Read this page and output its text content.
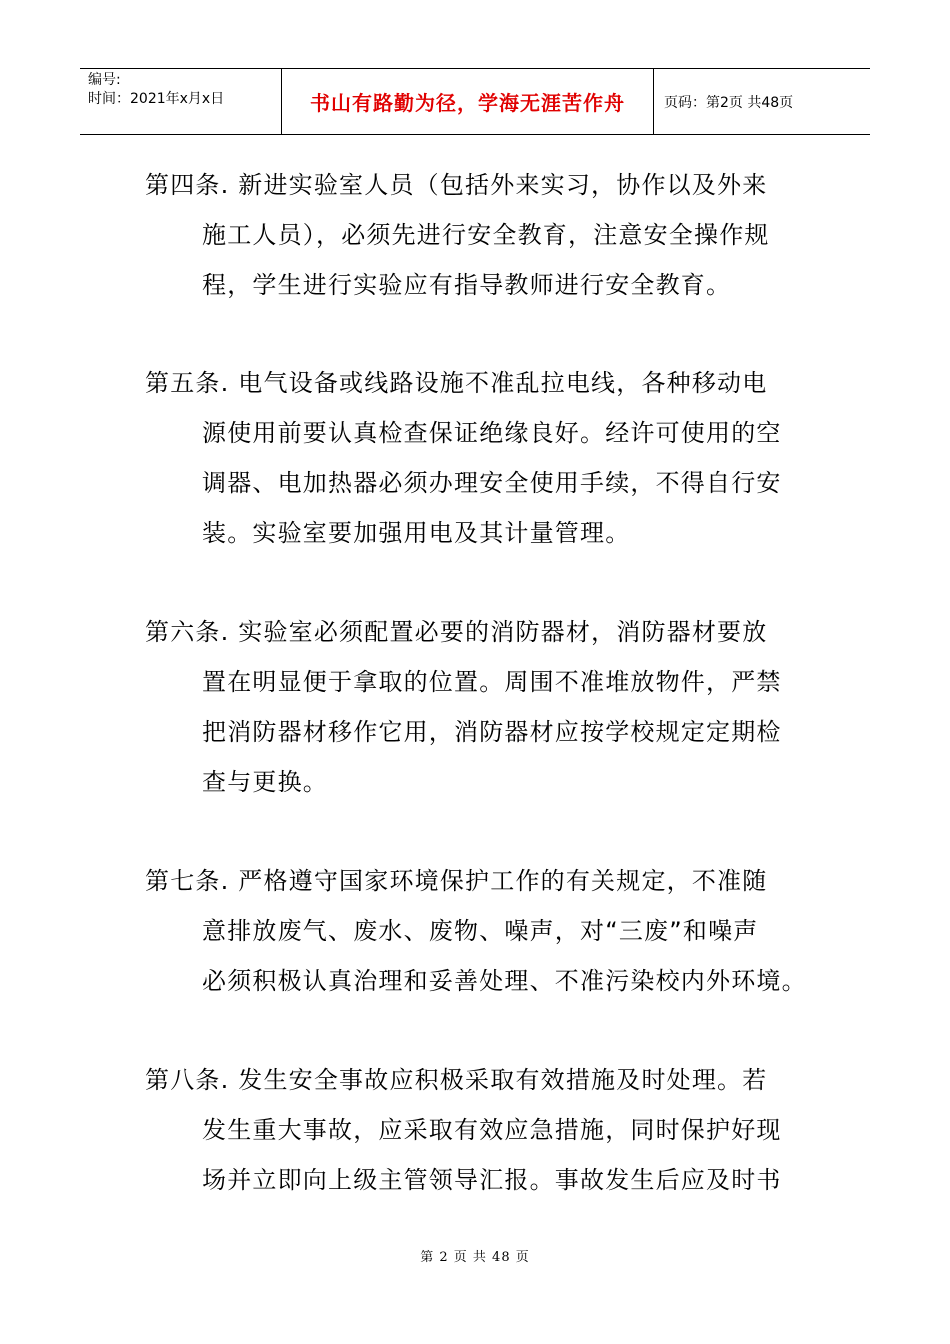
编号:
时间：2021年x月x日	书山有路勤为径，学海无涯苦作舟	页码：第2页 共48页
第四条. 新进实验室人员（包括外来实习，协作以及外来
施工人员），必须先进行安全教育，注意安全操作规
程，学生进行实验应有指导教师进行安全教育。
第五条. 电气设备或线路设施不准乱拉电线，各种移动电
源使用前要认真检查保证绝缘良好。经许可使用的空
调器、电加热器必须办理安全使用手续，不得自行安
装。实验室要加强用电及其计量管理。
第六条. 实验室必须配置必要的消防器材，消防器材要放
置在明显便于拿取的位置。周围不准堆放物件，严禁
把消防器材移作它用，消防器材应按学校规定定期检
查与更换。
第七条. 严格遵守国家环境保护工作的有关规定，不准随
意排放废气、废水、废物、噪声，对“三废”和噪声
必须积极认真治理和妥善处理、不准污染校内外环境。
第八条. 发生安全事故应积极采取有效措施及时处理。若
发生重大事故，应采取有效应急措施，同时保护好现
场并立即向上级主管领导汇报。事故发生后应及时书
第 2 页 共 48 页
